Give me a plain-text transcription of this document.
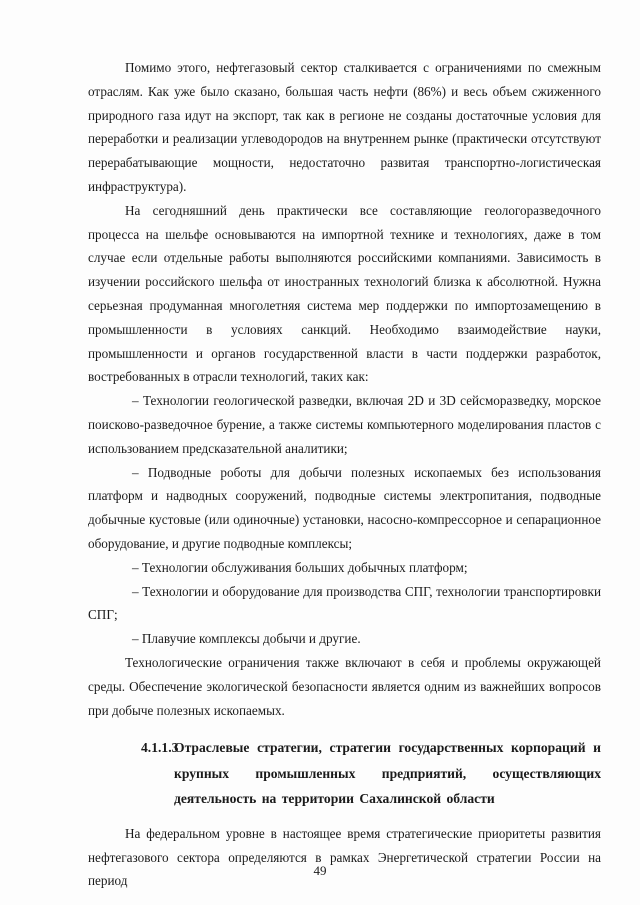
Помимо этого, нефтегазовый сектор сталкивается с ограничениями по смежным отраслям. Как уже было сказано, большая часть нефти (86%) и весь объем сжиженного природного газа идут на экспорт, так как в регионе не созданы достаточные условия для переработки и реализации углеводородов на внутреннем рынке (практически отсутствуют перерабатывающие мощности, недостаточно развитая транспортно-логистическая инфраструктура).

На сегодняшний день практически все составляющие геологоразведочного процесса на шельфе основываются на импортной технике и технологиях, даже в том случае если отдельные работы выполняются российскими компаниями. Зависимость в изучении российского шельфа от иностранных технологий близка к абсолютной. Нужна серьезная продуманная многолетняя система мер поддержки по импортозамещению в промышленности в условиях санкций. Необходимо взаимодействие науки, промышленности и органов государственной власти в части поддержки разработок, востребованных в отрасли технологий, таких как:

– Технологии геологической разведки, включая 2D и 3D сейсморазведку, морское поисково-разведочное бурение, а также системы компьютерного моделирования пластов с использованием предсказательной аналитики;

– Подводные роботы для добычи полезных ископаемых без использования платформ и надводных сооружений, подводные системы электропитания, подводные добычные кустовые (или одиночные) установки, насосно-компрессорное и сепарационное оборудование, и другие подводные комплексы;

– Технологии обслуживания больших добычных платформ;

– Технологии и оборудование для производства СПГ, технологии транспортировки СПГ;

– Плавучие комплексы добычи и другие.

Технологические ограничения также включают в себя и проблемы окружающей среды. Обеспечение экологической безопасности является одним из важнейших вопросов при добыче полезных ископаемых.

4.1.1.3
Отраслевые стратегии, стратегии государственных корпораций и крупных промышленных предприятий, осуществляющих деятельность на территории Сахалинской области

На федеральном уровне в настоящее время стратегические приоритеты развития нефтегазового сектора определяются в рамках Энергетической стратегии России на период

49
